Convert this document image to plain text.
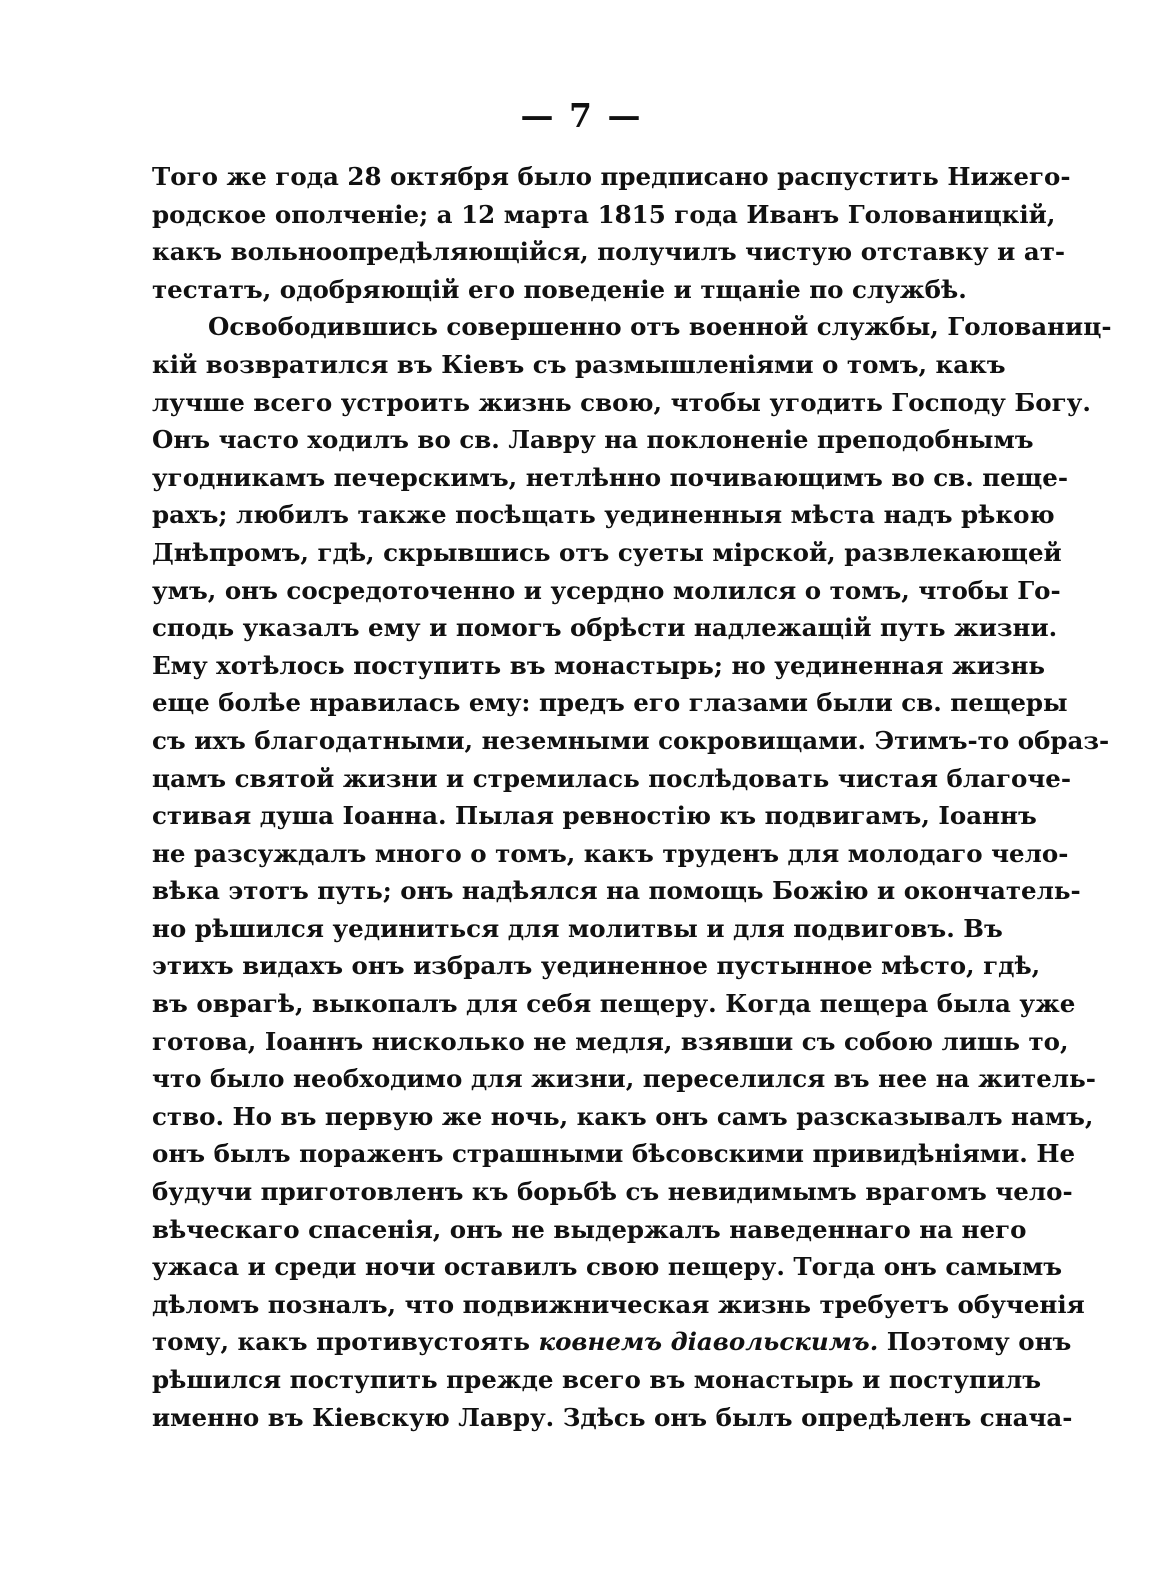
— 7 —
Того же года 28 октября было предписано распустить Нижего-
родское ополченіе; а 12 марта 1815 года Иванъ Голованицкій,
какъ вольноопредѣляющійся, получилъ чистую отставку и ат-
тестатъ, одобряющій его поведеніе и тщаніе по службѣ.
Освободившись совершенно отъ военной службы, Голованиц-
кій возвратился въ Кіевъ съ размышленіями о томъ, какъ
лучше всего устроить жизнь свою, чтобы угодить Господу Богу.
Онъ часто ходилъ во св. Лавру на поклоненіе преподобнымъ
угодникамъ печерскимъ, нетлѣнно почивающимъ во св. пеще-
рахъ; любилъ также посѣщать уединенныя мѣста надъ рѣкою
Днѣпромъ, гдѣ, скрывшись отъ суеты мірской, развлекающей
умъ, онъ сосредоточенно и усердно молился о томъ, чтобы Го-
сподь указалъ ему и помогъ обрѣсти надлежащій путь жизни.
Ему хотѣлось поступить въ монастырь; но уединенная жизнь
еще болѣе нравилась ему: предъ его глазами были св. пещеры
съ ихъ благодатными, неземными сокровищами. Этимъ-то образ-
цамъ святой жизни и стремилась послѣдовать чистая благоче-
стивая душа Іоанна. Пылая ревностію къ подвигамъ, Іоаннъ
не разсуждалъ много о томъ, какъ труденъ для молодаго чело-
вѣка этотъ путь; онъ надѣялся на помощь Божію и окончатель-
но рѣшился уединиться для молитвы и для подвиговъ. Въ
этихъ видахъ онъ избралъ уединенное пустынное мѣсто, гдѣ,
въ оврагѣ, выкопалъ для себя пещеру. Когда пещера была уже
готова, Іоаннъ нисколько не медля, взявши съ собою лишь то,
что было необходимо для жизни, переселился въ нее на житель-
ство. Но въ первую же ночь, какъ онъ самъ разсказывалъ намъ,
онъ былъ пораженъ страшными бѣсовскими привидѣніями. Не
будучи приготовленъ къ борьбѣ съ невидимымъ врагомъ чело-
вѣческаго спасенія, онъ не выдержалъ наведеннаго на него
ужаса и среди ночи оставилъ свою пещеру. Тогда онъ самымъ
дѣломъ позналъ, что подвижническая жизнь требуетъ обученія
тому, какъ противустоять ковнемъ діавольскимъ. Поэтому онъ
рѣшился поступить прежде всего въ монастырь и поступилъ
именно въ Кіевскую Лавру. Здѣсь онъ былъ опредѣленъ снача-
